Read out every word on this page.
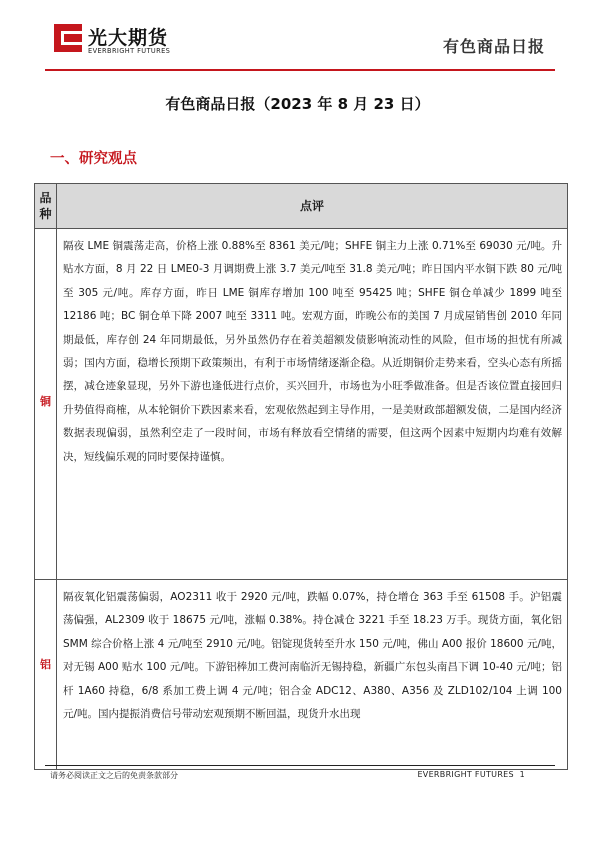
光大期货
EVERBRIGHT FUTURES	有色商品日报
有色商品日报（2023 年 8 月 23 日）
一、研究观点
品
种
点评
铜

隔夜 LME 铜震荡走高，价格上涨 0.88%至 8361 美元/吨；SHFE 铜主力上涨 0.71%至 69030 元/吨。升贴水方面，8 月 22 日 LME0-3 月调期费上涨 3.7 美元/吨至 31.8 美元/吨；昨日国内平水铜下跌 80 元/吨至 305 元/吨。库存方面，昨日 LME 铜库存增加 100 吨至 95425 吨；SHFE 铜仓单减少 1899 吨至 12186 吨；BC 铜仓单下降 2007 吨至 3311 吨。宏观方面，昨晚公布的美国 7 月成屋销售创 2010 年同期最低，库存创 24 年同期最低，另外虽然仍存在着美超额发债影响流动性的风险，但市场的担忧有所减弱；国内方面，稳增长预期下政策频出，有利于市场情绪逐渐企稳。从近期铜价走势来看，空头心态有所摇摆，减仓迹象显现，另外下游也逢低进行点价，买兴回升，市场也为小旺季做准备。但是否该位置直接回归升势值得商榷，从本轮铜价下跌因素来看，宏观依然起到主导作用，一是美财政部超额发债，二是国内经济数据表现偏弱，虽然利空走了一段时间，市场有释放看空情绪的需要，但这两个因素中短期内均难有效解决，短线偏乐观的同时要保持谨慎。

铝

隔夜氧化铝震荡偏弱，AO2311 收于 2920 元/吨，跌幅 0.07%，持仓增仓 363 手至 61508 手。沪铝震荡偏强，AL2309 收于 18675 元/吨，涨幅 0.38%。持仓减仓 3221 手至 18.23 万手。现货方面，氧化铝 SMM 综合价格上涨 4 元/吨至 2910 元/吨。铝锭现货转至升水 150 元/吨，佛山 A00 报价 18600 元/吨，对无锡 A00 贴水 100 元/吨。下游铝棒加工费河南临沂无锡持稳，新疆广东包头南昌下调 10-40 元/吨；铝杆 1A60 持稳，6/8 系加工费上调 4 元/吨；铝合金 ADC12、A380、A356 及 ZLD102/104 上调 100 元/吨。国内提振消费信号带动宏观预期不断回温，现货升水出现

请务必阅读正文之后的免责条款部分	EVERBRIGHT FUTURES 1
